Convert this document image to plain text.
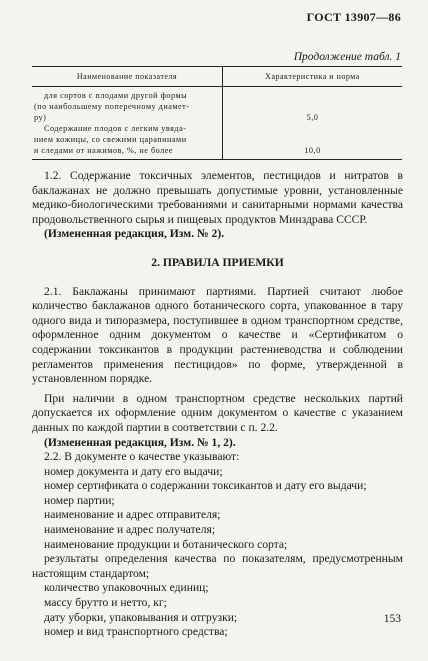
ГОСТ 13907—86
Продолжение табл. 1
Наименование показателя	Характеристика и норма

для сортов с плодами другой формы
(по наибольшему поперечному диамет-
ру)	5,0

Содержание плодов с легким увяда-
нием кожицы, со свежими царапинами
и следами от нажимов, %, не более	10,0

1.2. Содержание токсичных элементов, пестицидов и нитратов в баклажанах не должно превышать допустимые уровни, установленные медико-биологическими требованиями и санитарными нормами качества продовольственного сырья и пищевых продуктов Минздрава СССР.

(Измененная редакция, Изм. № 2).

2. ПРАВИЛА ПРИЕМКИ

2.1. Баклажаны принимают партиями. Партией считают любое количество баклажанов одного ботанического сорта, упакованное в тару одного вида и типоразмера, поступившее в одном транспортном средстве, оформленное одним документом о качестве и «Сертификатом о содержании токсикантов в продукции растениеводства и соблюдении регламентов применения пестицидов» по форме, утвержденной в установленном порядке.

При наличии в одном транспортном средстве нескольких партий допускается их оформление одним документом о качестве с указанием данных по каждой партии в соответствии с п. 2.2.

(Измененная редакция, Изм. № 1, 2).

2.2. В документе о качестве указывают:

номер документа и дату его выдачи;

номер сертификата о содержании токсикантов и дату его выдачи;

номер партии;

наименование и адрес отправителя;

наименование и адрес получателя;

наименование продукции и ботанического сорта;

результаты определения качества по показателям, предусмотренным настоящим стандартом;

количество упаковочных единиц;

массу брутто и нетто, кг;

дату уборки, упаковывания и отгрузки;

номер и вид транспортного средства;

153
